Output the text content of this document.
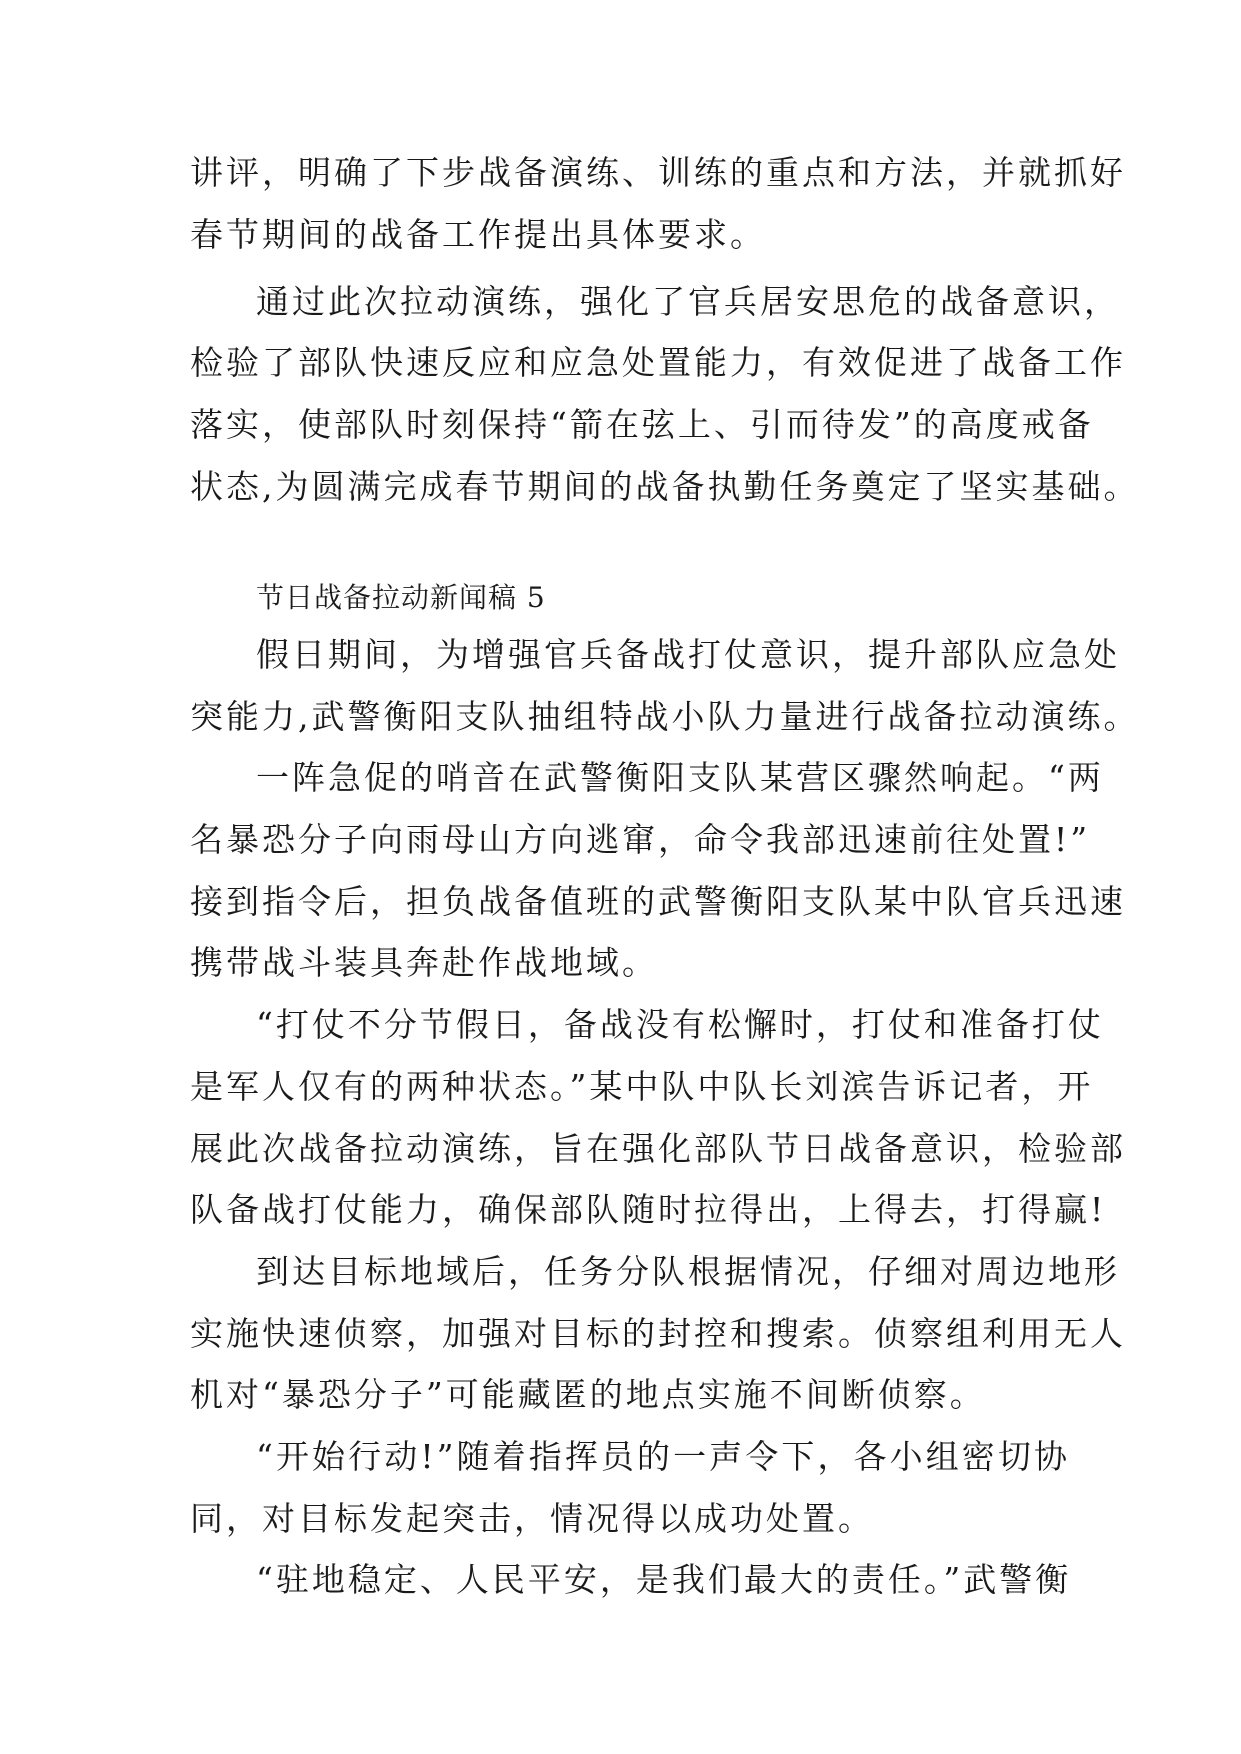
讲评，明确了下步战备演练、训练的重点和方法，并就抓好
春节期间的战备工作提出具体要求。
通过此次拉动演练，强化了官兵居安思危的战备意识，
检验了部队快速反应和应急处置能力，有效促进了战备工作
落实，使部队时刻保持“箭在弦上、引而待发”的高度戒备
状态,为圆满完成春节期间的战备执勤任务奠定了坚实基础。
节日战备拉动新闻稿 5
假日期间，为增强官兵备战打仗意识，提升部队应急处
突能力,武警衡阳支队抽组特战小队力量进行战备拉动演练。
一阵急促的哨音在武警衡阳支队某营区骤然响起。“两
名暴恐分子向雨母山方向逃窜，命令我部迅速前往处置!”
接到指令后，担负战备值班的武警衡阳支队某中队官兵迅速
携带战斗装具奔赴作战地域。
“打仗不分节假日，备战没有松懈时，打仗和准备打仗
是军人仅有的两种状态。”某中队中队长刘滨告诉记者，开
展此次战备拉动演练，旨在强化部队节日战备意识，检验部
队备战打仗能力，确保部队随时拉得出，上得去，打得赢!
到达目标地域后，任务分队根据情况，仔细对周边地形
实施快速侦察，加强对目标的封控和搜索。侦察组利用无人
机对“暴恐分子”可能藏匿的地点实施不间断侦察。
“开始行动!”随着指挥员的一声令下，各小组密切协
同，对目标发起突击，情况得以成功处置。
“驻地稳定、人民平安，是我们最大的责任。”武警衡
